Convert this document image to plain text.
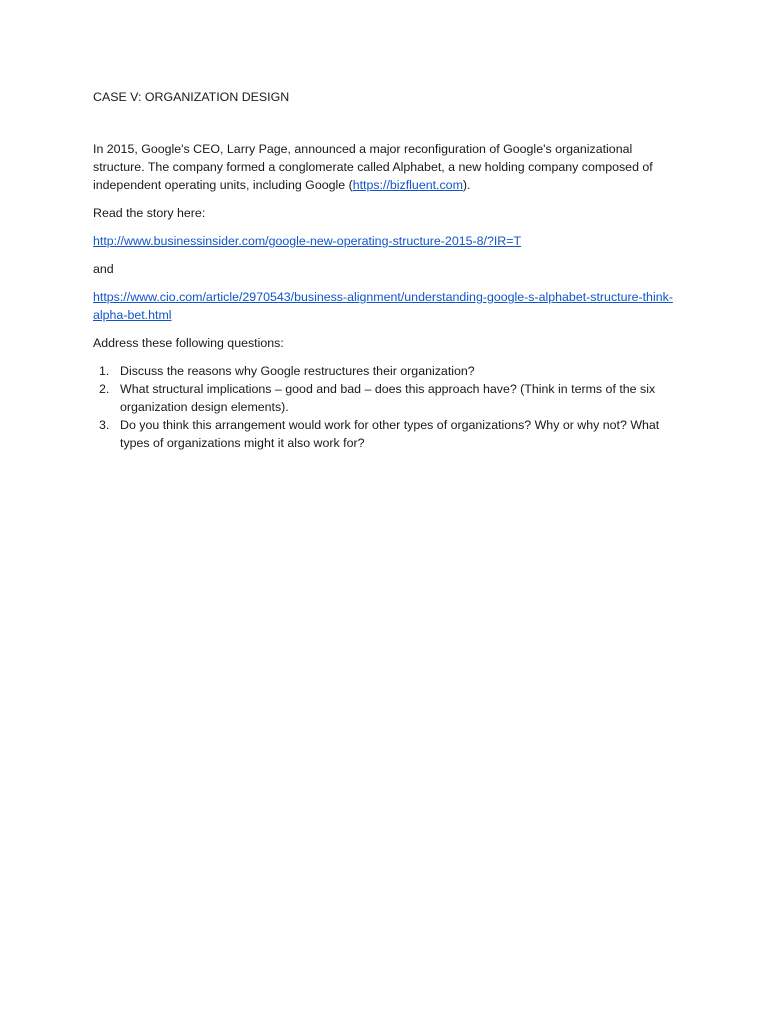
CASE V: ORGANIZATION DESIGN

In 2015, Google's CEO, Larry Page, announced a major reconfiguration of Google's organizational structure. The company formed a conglomerate called Alphabet, a new holding company composed of independent operating units, including Google (https://bizfluent.com).

Read the story here:

http://www.businessinsider.com/google-new-operating-structure-2015-8/?IR=T

and

https://www.cio.com/article/2970543/business-alignment/understanding-google-s-alphabet-structure-think-alpha-bet.html

Address these following questions:

1. Discuss the reasons why Google restructures their organization?
2. What structural implications – good and bad – does this approach have? (Think in terms of the six organization design elements).
3. Do you think this arrangement would work for other types of organizations? Why or why not? What types of organizations might it also work for?
